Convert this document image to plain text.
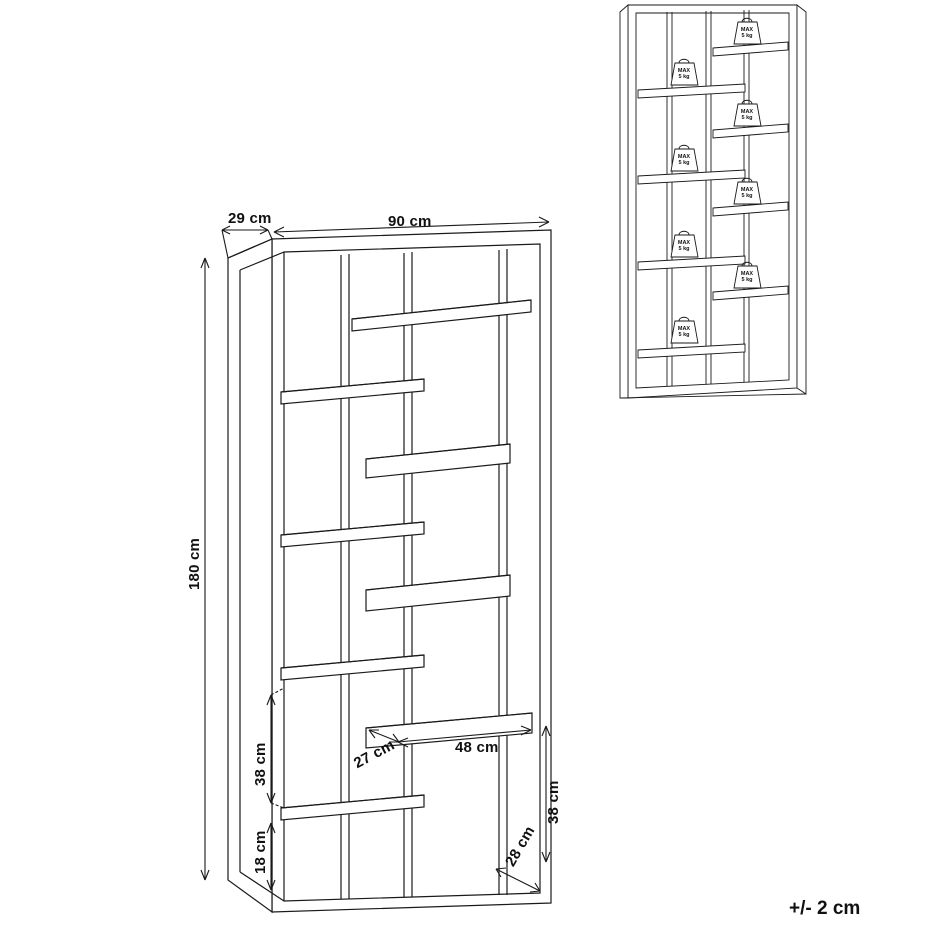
29 cm	90 cm
180 cm
38 cm
18 cm
27 cm	48 cm
38 cm
28 cm
+/- 2 cm
MAX
5 kg
MAX
5 kg
MAX
5 kg
MAX
5 kg
MAX
5 kg
MAX
5 kg
MAX
5 kg
MAX
5 kg
